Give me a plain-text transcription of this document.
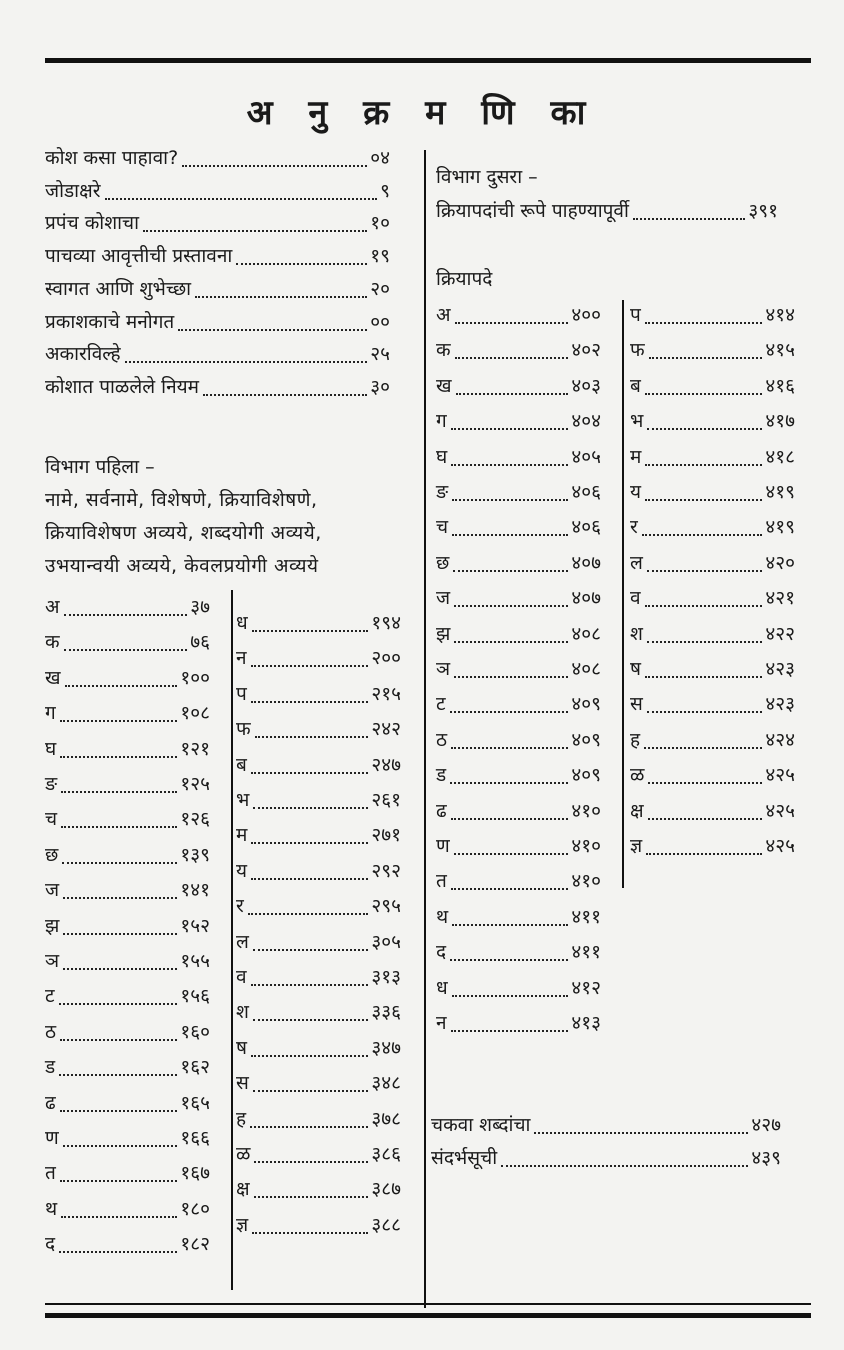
अ नु क्र म णि का
कोश कसा पाहावा?	०४
जोडाक्षरे	९
प्रपंच कोशाचा	१०
पाचव्या आवृत्तीची प्रस्तावना	१९
स्वागत आणि शुभेच्छा	२०
प्रकाशकाचे मनोगत	००
अकारविल्हे	२५
कोशात पाळलेले नियम	३०
विभाग पहिला –
नामे, सर्वनामे, विशेषणे, क्रियाविशेषणे,
क्रियाविशेषण अव्यये, शब्दयोगी अव्यये,
उभयान्वयी अव्यये, केवलप्रयोगी अव्यये
अ	३७
क	७६
ख	१००
ग	१०८
घ	१२१
ङ	१२५
च	१२६
छ	१३९
ज	१४१
झ	१५२
ञ	१५५
ट	१५६
ठ	१६०
ड	१६२
ढ	१६५
ण	१६६
त	१६७
थ	१८०
द	१८२
ध	१९४
न	२००
प	२१५
फ	२४२
ब	२४७
भ	२६१
म	२७१
य	२९२
र	२९५
ल	३०५
व	३१३
श	३३६
ष	३४७
स	३४८
ह	३७८
ळ	३८६
क्ष	३८७
ज्ञ	३८८
विभाग दुसरा –
क्रियापदांची रूपे पाहण्यापूर्वी	३९१
क्रियापदे
अ	४००
क	४०२
ख	४०३
ग	४०४
घ	४०५
ङ	४०६
च	४०६
छ	४०७
ज	४०७
झ	४०८
ञ	४०८
ट	४०९
ठ	४०९
ड	४०९
ढ	४१०
ण	४१०
त	४१०
थ	४११
द	४११
ध	४१२
न	४१३
प	४१४
फ	४१५
ब	४१६
भ	४१७
म	४१८
य	४१९
र	४१९
ल	४२०
व	४२१
श	४२२
ष	४२३
स	४२३
ह	४२४
ळ	४२५
क्ष	४२५
ज्ञ	४२५
चकवा शब्दांचा	४२७
संदर्भसूची	४३९
